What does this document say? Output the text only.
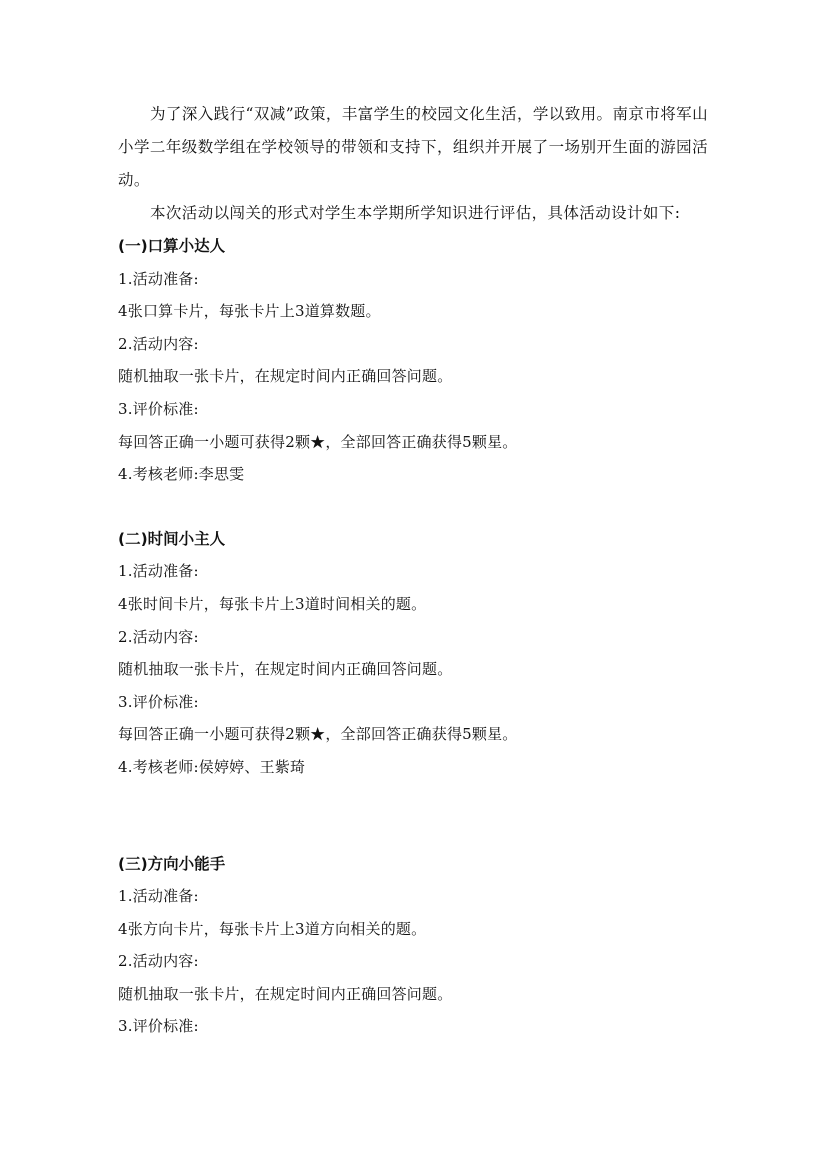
为了深入践行“双减”政策，丰富学生的校园文化生活，学以致用。南京市将军山小学二年级数学组在学校领导的带领和支持下，组织并开展了一场别开生面的游园活动。

本次活动以闯关的形式对学生本学期所学知识进行评估，具体活动设计如下:

(一)口算小达人

1.活动准备:

4张口算卡片，每张卡片上3道算数题。

2.活动内容:

随机抽取一张卡片，在规定时间内正确回答问题。

3.评价标准:

每回答正确一小题可获得2颗★，全部回答正确获得5颗星。

4.考核老师:李思雯

(二)时间小主人

1.活动准备:

4张时间卡片，每张卡片上3道时间相关的题。

2.活动内容:

随机抽取一张卡片，在规定时间内正确回答问题。

3.评价标准:

每回答正确一小题可获得2颗★，全部回答正确获得5颗星。

4.考核老师:侯婷婷、王紫琦

(三)方向小能手

1.活动准备:

4张方向卡片，每张卡片上3道方向相关的题。

2.活动内容:

随机抽取一张卡片，在规定时间内正确回答问题。

3.评价标准:
